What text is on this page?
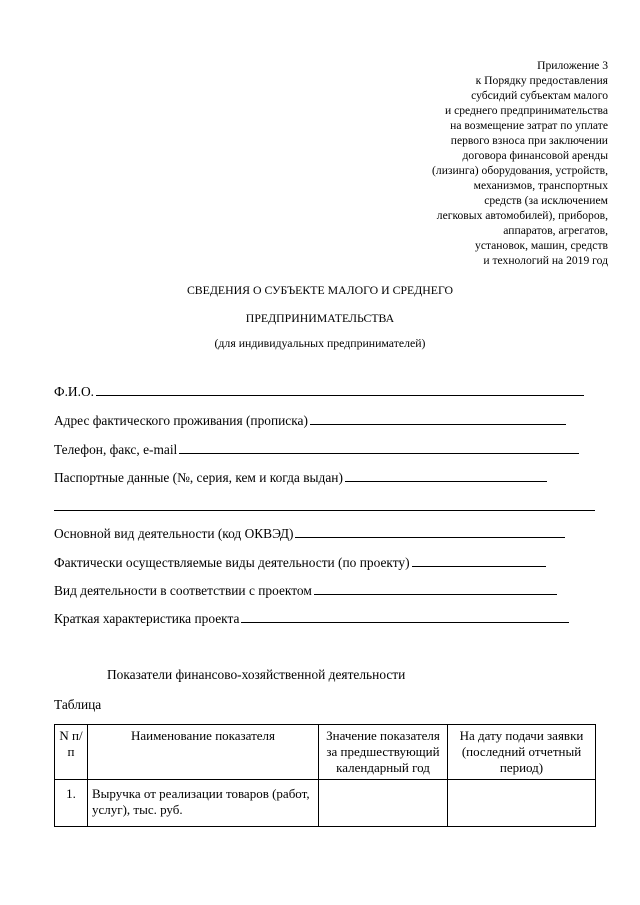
Приложение 3
к Порядку предоставления
субсидий субъектам малого
и среднего предпринимательства
на возмещение затрат по уплате
первого взноса при заключении
договора финансовой аренды
(лизинга) оборудования, устройств,
механизмов, транспортных
средств (за исключением
легковых автомобилей), приборов,
аппаратов, агрегатов,
установок, машин, средств
и технологий на 2019 год
СВЕДЕНИЯ О СУБЪЕКТЕ МАЛОГО И СРЕДНЕГО
ПРЕДПРИНИМАТЕЛЬСТВА
(для индивидуальных предпринимателей)
Ф.И.О.
Адрес фактического проживания (прописка)
Телефон, факс, e-mail
Паспортные данные (№, серия, кем и когда выдан)
Основной вид деятельности (код ОКВЭД)
Фактически осуществляемые виды деятельности (по проекту)
Вид деятельности в соответствии с проектом
Краткая характеристика проекта
Показатели финансово-хозяйственной деятельности
Таблица
N п/п	Наименование показателя	Значение показателя за предшествующий календарный год	На дату подачи заявки (последний отчетный период)
1.	Выручка от реализации товаров (работ, услуг), тыс. руб.		
